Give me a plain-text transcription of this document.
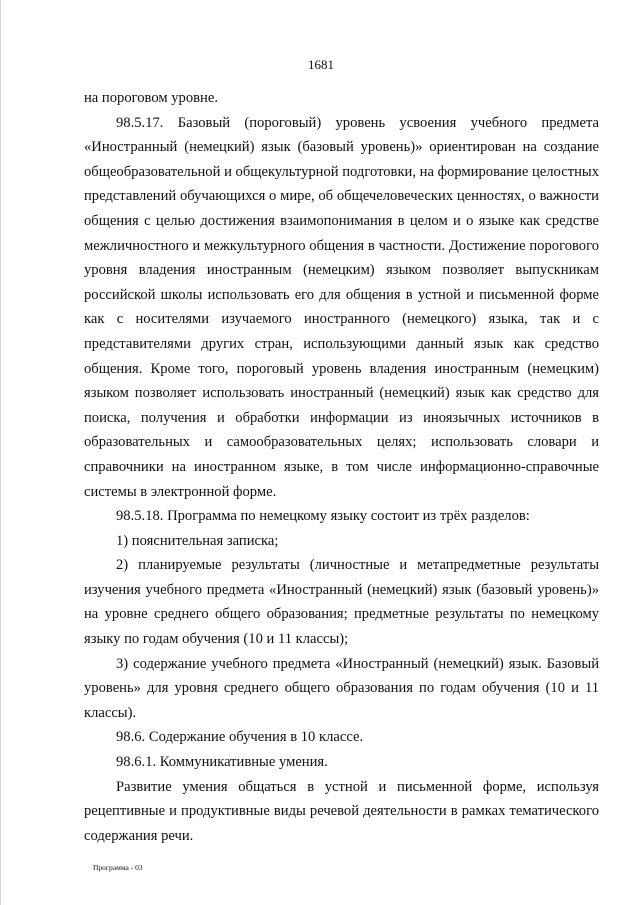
1681

на пороговом уровне.

98.5.17. Базовый (пороговый) уровень усвоения учебного предмета «Иностранный (немецкий) язык (базовый уровень)» ориентирован на создание общеобразовательной и общекультурной подготовки, на формирование целостных представлений обучающихся о мире, об общечеловеческих ценностях, о важности общения с целью достижения взаимопонимания в целом и о языке как средстве межличностного и межкультурного общения в частности. Достижение порогового уровня владения иностранным (немецким) языком позволяет выпускникам российской школы использовать его для общения в устной и письменной форме как с носителями изучаемого иностранного (немецкого) языка, так и с представителями других стран, использующими данный язык как средство общения. Кроме того, пороговый уровень владения иностранным (немецким) языком позволяет использовать иностранный (немецкий) язык как средство для поиска, получения и обработки информации из иноязычных источников в образовательных и самообразовательных целях; использовать словари и справочники на иностранном языке, в том числе информационно-справочные системы в электронной форме.

98.5.18. Программа по немецкому языку состоит из трёх разделов:

1) пояснительная записка;

2) планируемые результаты (личностные и метапредметные результаты изучения учебного предмета «Иностранный (немецкий) язык (базовый уровень)» на уровне среднего общего образования; предметные результаты по немецкому языку по годам обучения (10 и 11 классы);

3) содержание учебного предмета «Иностранный (немецкий) язык. Базовый уровень» для уровня среднего общего образования по годам обучения (10 и 11 классы).

98.6. Содержание обучения в 10 классе.

98.6.1. Коммуникативные умения.

Развитие умения общаться в устной и письменной форме, используя рецептивные и продуктивные виды речевой деятельности в рамках тематического содержания речи.

Программа - 03
